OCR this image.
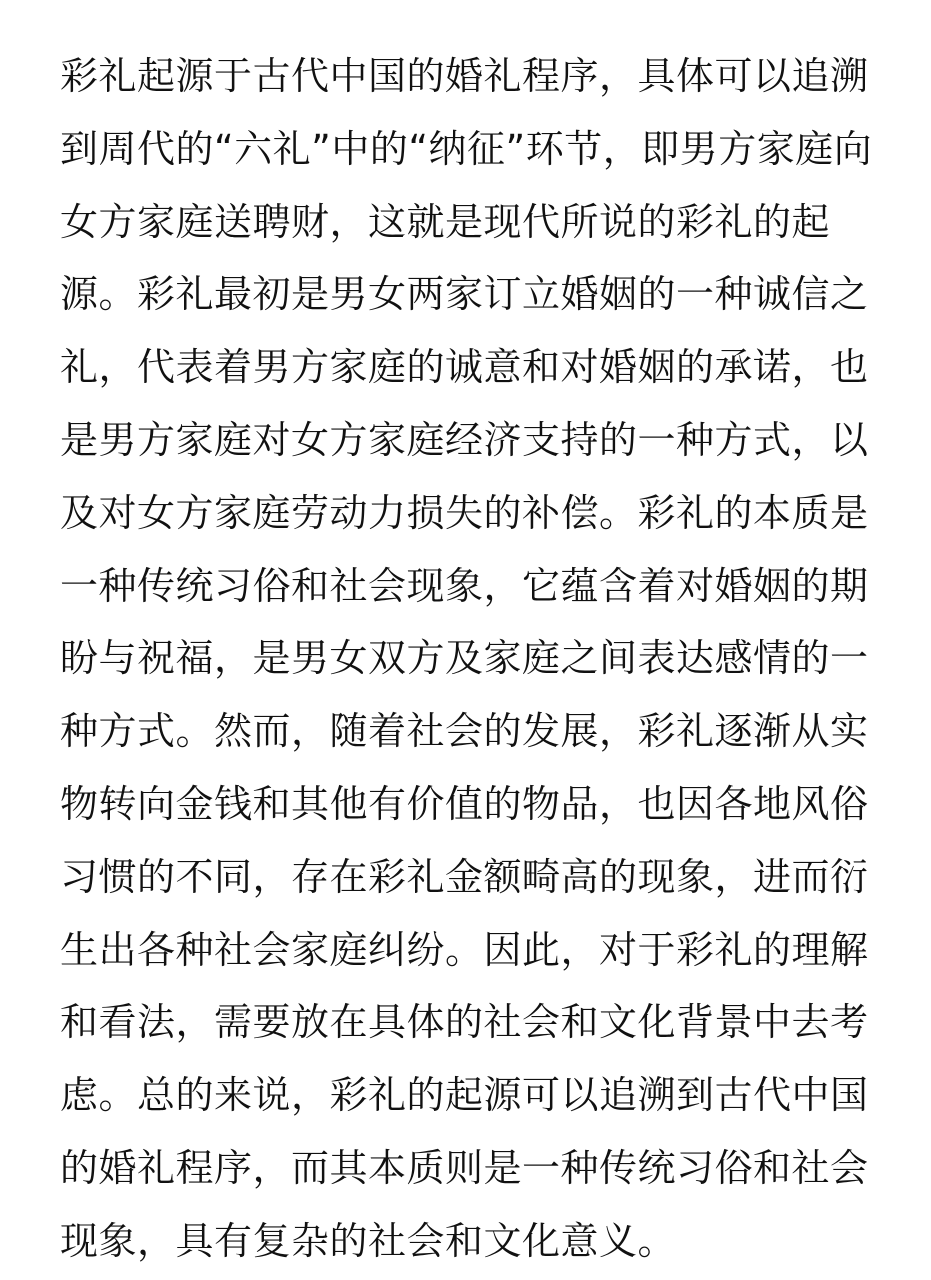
彩礼起源于古代中国的婚礼程序，具体可以追溯
到周代的“六礼”中的“纳征”环节，即男方家庭向
女方家庭送聘财，这就是现代所说的彩礼的起
源。彩礼最初是男女两家订立婚姻的一种诚信之
礼，代表着男方家庭的诚意和对婚姻的承诺，也
是男方家庭对女方家庭经济支持的一种方式，以
及对女方家庭劳动力损失的补偿。彩礼的本质是
一种传统习俗和社会现象，它蕴含着对婚姻的期
盼与祝福，是男女双方及家庭之间表达感情的一
种方式。然而，随着社会的发展，彩礼逐渐从实
物转向金钱和其他有价值的物品，也因各地风俗
习惯的不同，存在彩礼金额畸高的现象，进而衍
生出各种社会家庭纠纷。因此，对于彩礼的理解
和看法，需要放在具体的社会和文化背景中去考
虑。总的来说，彩礼的起源可以追溯到古代中国
的婚礼程序，而其本质则是一种传统习俗和社会
现象，具有复杂的社会和文化意义。
